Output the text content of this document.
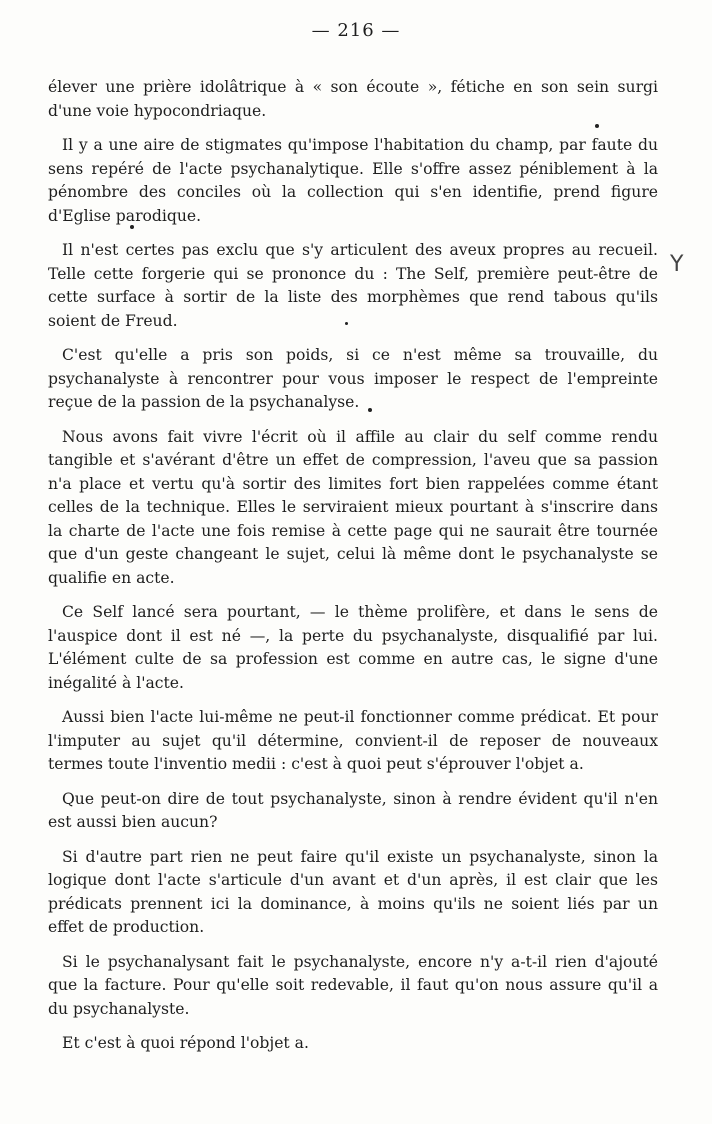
— 216 —
Y

élever une prière idolâtrique à « son écoute », fétiche en son sein surgi d'une voie hypocondriaque.

Il y a une aire de stigmates qu'impose l'habitation du champ, par faute du sens repéré de l'acte psychanalytique. Elle s'offre assez péniblement à la pénombre des conciles où la collection qui s'en identifie, prend figure d'Eglise parodique.

Il n'est certes pas exclu que s'y articulent des aveux propres au recueil. Telle cette forgerie qui se prononce du : The Self, première peut-être de cette surface à sortir de la liste des morphèmes que rend tabous qu'ils soient de Freud.

C'est qu'elle a pris son poids, si ce n'est même sa trouvaille, du psychanalyste à rencontrer pour vous imposer le respect de l'empreinte reçue de la passion de la psychanalyse.

Nous avons fait vivre l'écrit où il affile au clair du self comme rendu tangible et s'avérant d'être un effet de compression, l'aveu que sa passion n'a place et vertu qu'à sortir des limites fort bien rappelées comme étant celles de la technique. Elles le serviraient mieux pourtant à s'inscrire dans la charte de l'acte une fois remise à cette page qui ne saurait être tournée que d'un geste changeant le sujet, celui là même dont le psychanalyste se qualifie en acte.

Ce Self lancé sera pourtant, — le thème prolifère, et dans le sens de l'auspice dont il est né —, la perte du psychanalyste, disqualifié par lui. L'élément culte de sa profession est comme en autre cas, le signe d'une inégalité à l'acte.

Aussi bien l'acte lui-même ne peut-il fonctionner comme prédicat. Et pour l'imputer au sujet qu'il détermine, convient-il de reposer de nouveaux termes toute l'inventio medii : c'est à quoi peut s'éprouver l'objet a.

Que peut-on dire de tout psychanalyste, sinon à rendre évident qu'il n'en est aussi bien aucun?

Si d'autre part rien ne peut faire qu'il existe un psychanalyste, sinon la logique dont l'acte s'articule d'un avant et d'un après, il est clair que les prédicats prennent ici la dominance, à moins qu'ils ne soient liés par un effet de production.

Si le psychanalysant fait le psychanalyste, encore n'y a-t-il rien d'ajouté que la facture. Pour qu'elle soit redevable, il faut qu'on nous assure qu'il a du psychanalyste.

Et c'est à quoi répond l'objet a.
